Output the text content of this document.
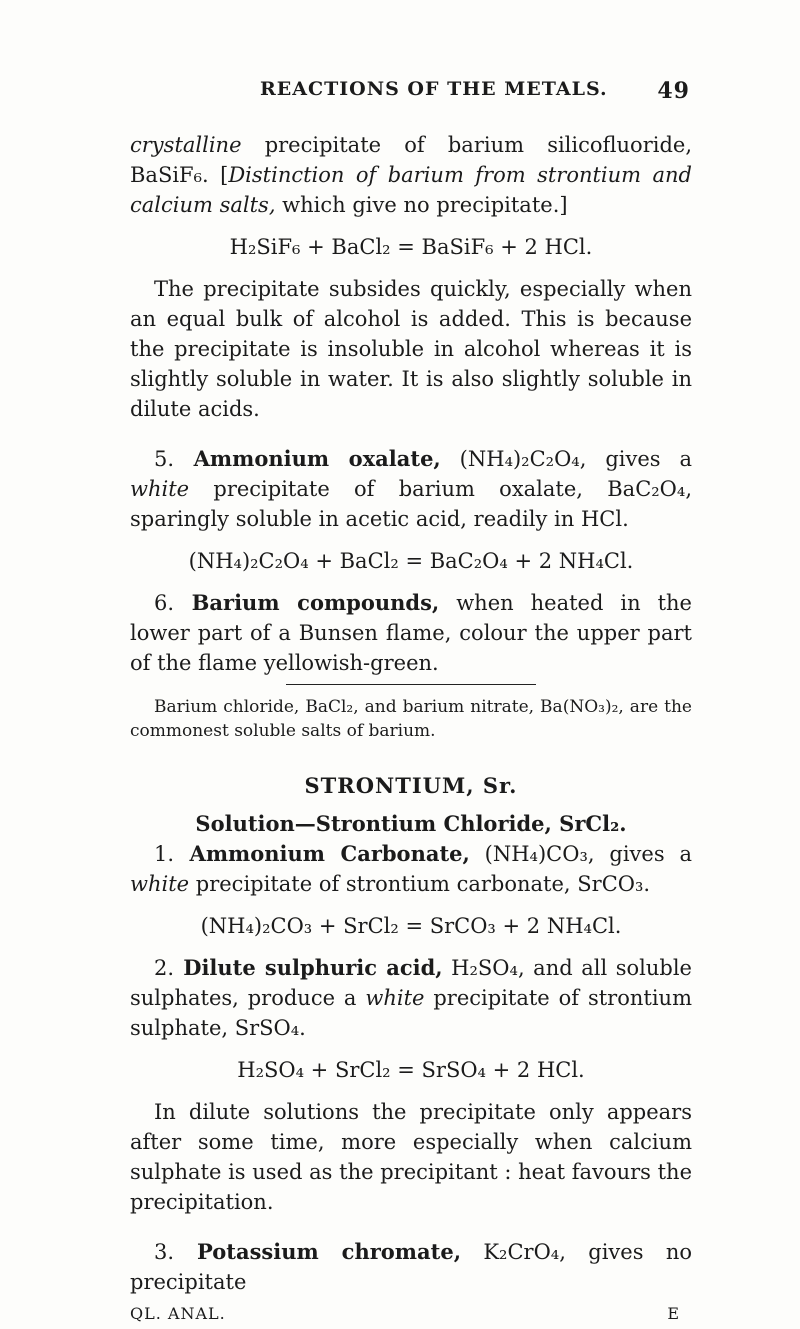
REACTIONS OF THE METALS. 49

crystalline precipitate of barium silicofluoride, BaSiF₆. [Distinction of barium from strontium and calcium salts, which give no precipitate.]

H₂SiF₆ + BaCl₂ = BaSiF₆ + 2 HCl.

The precipitate subsides quickly, especially when an equal bulk of alcohol is added. This is because the precipitate is insoluble in alcohol whereas it is slightly soluble in water. It is also slightly soluble in dilute acids.

5. Ammonium oxalate, (NH₄)₂C₂O₄, gives a white precipitate of barium oxalate, BaC₂O₄, sparingly soluble in acetic acid, readily in HCl.

(NH₄)₂C₂O₄ + BaCl₂ = BaC₂O₄ + 2 NH₄Cl.

6. Barium compounds, when heated in the lower part of a Bunsen flame, colour the upper part of the flame yellowish-green.

Barium chloride, BaCl₂, and barium nitrate, Ba(NO₃)₂, are the commonest soluble salts of barium.

STRONTIUM, Sr.
Solution—Strontium Chloride, SrCl₂.

1. Ammonium Carbonate, (NH₄)CO₃, gives a white precipitate of strontium carbonate, SrCO₃.

(NH₄)₂CO₃ + SrCl₂ = SrCO₃ + 2 NH₄Cl.

2. Dilute sulphuric acid, H₂SO₄, and all soluble sulphates, produce a white precipitate of strontium sulphate, SrSO₄.

H₂SO₄ + SrCl₂ = SrSO₄ + 2 HCl.

In dilute solutions the precipitate only appears after some time, more especially when calcium sulphate is used as the precipitant : heat favours the precipitation.

3. Potassium chromate, K₂CrO₄, gives no precipitate

QL. ANAL.	E
